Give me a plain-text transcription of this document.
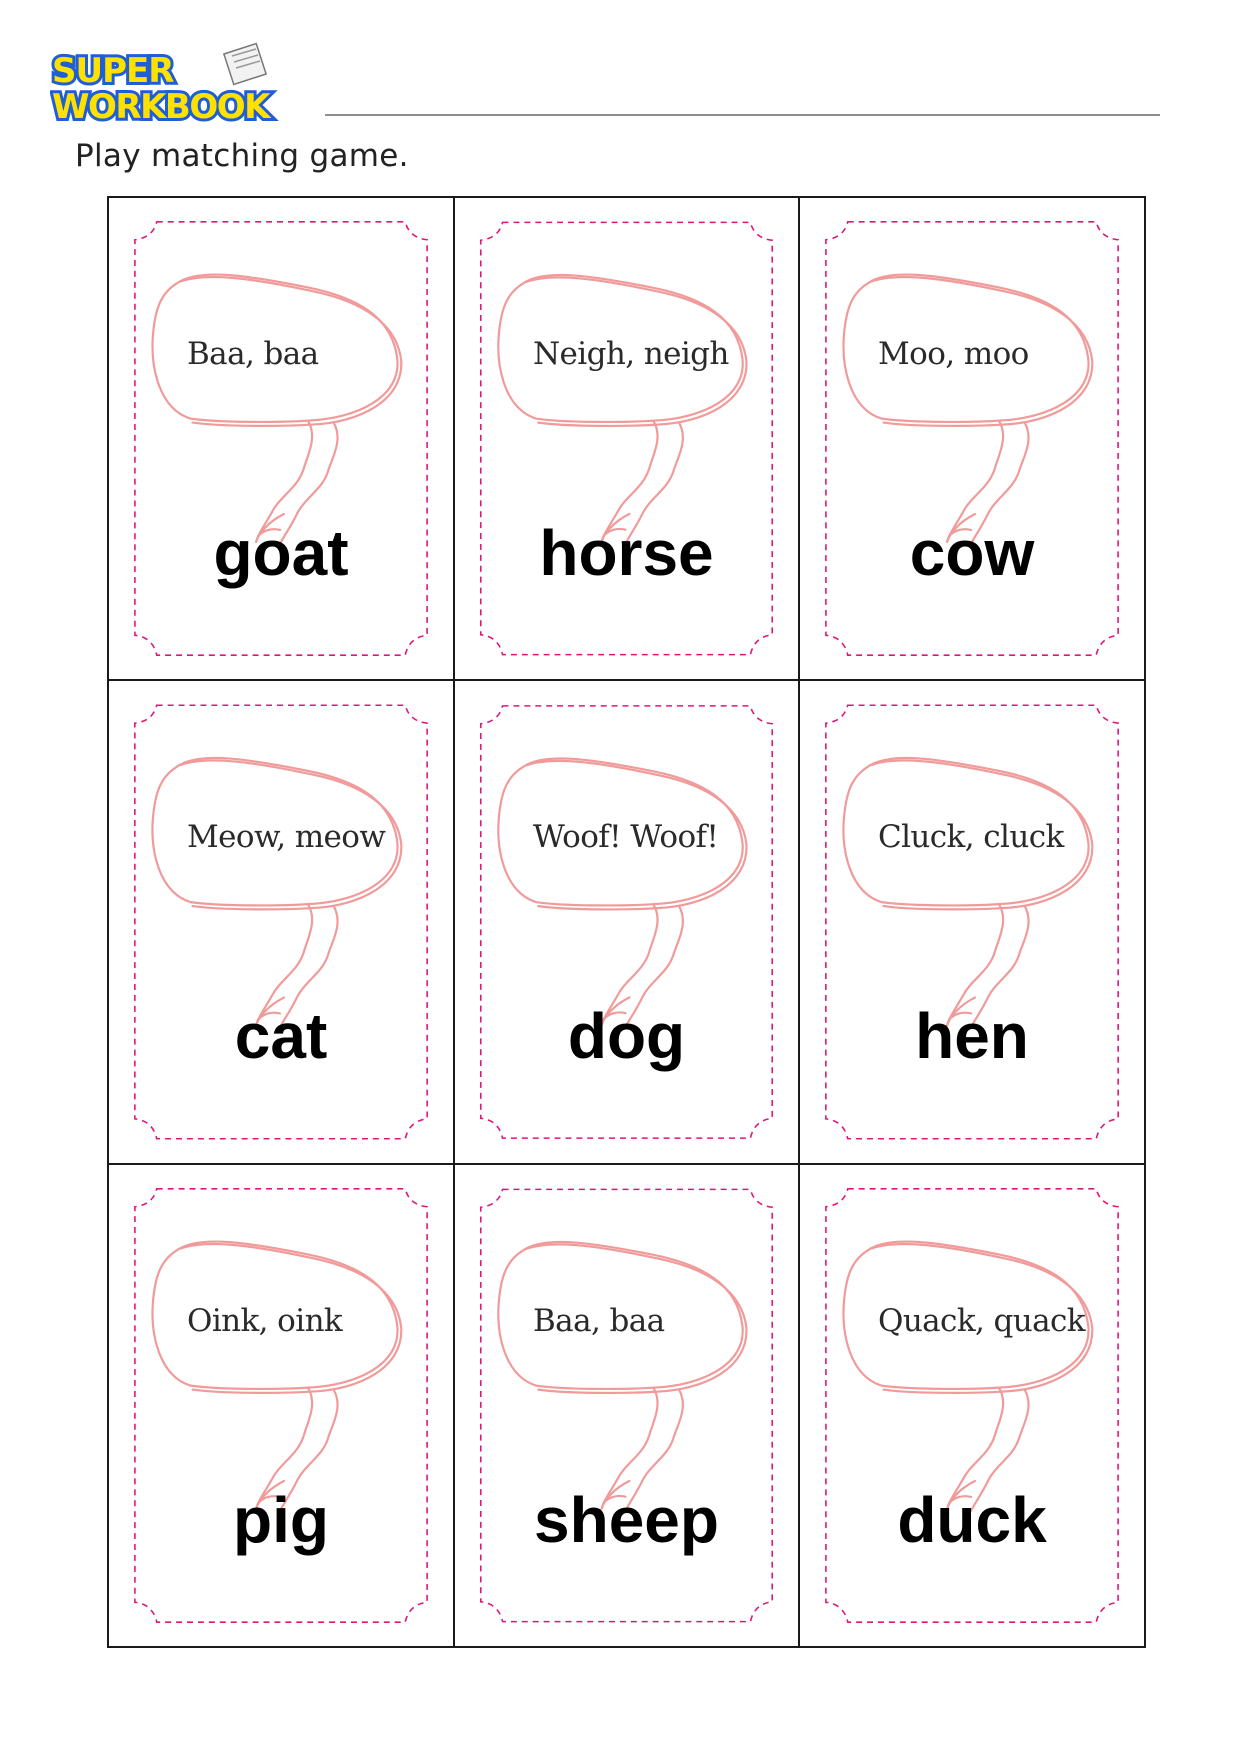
SUPER
WORKBOOK
Play matching game.
Baa, baa
goat
Neigh, neigh
horse
Moo, moo
cow
Meow, meow
cat
Woof! Woof!
dog
Cluck, cluck
hen
Oink, oink
pig
Baa, baa
sheep
Quack, quack
duck
